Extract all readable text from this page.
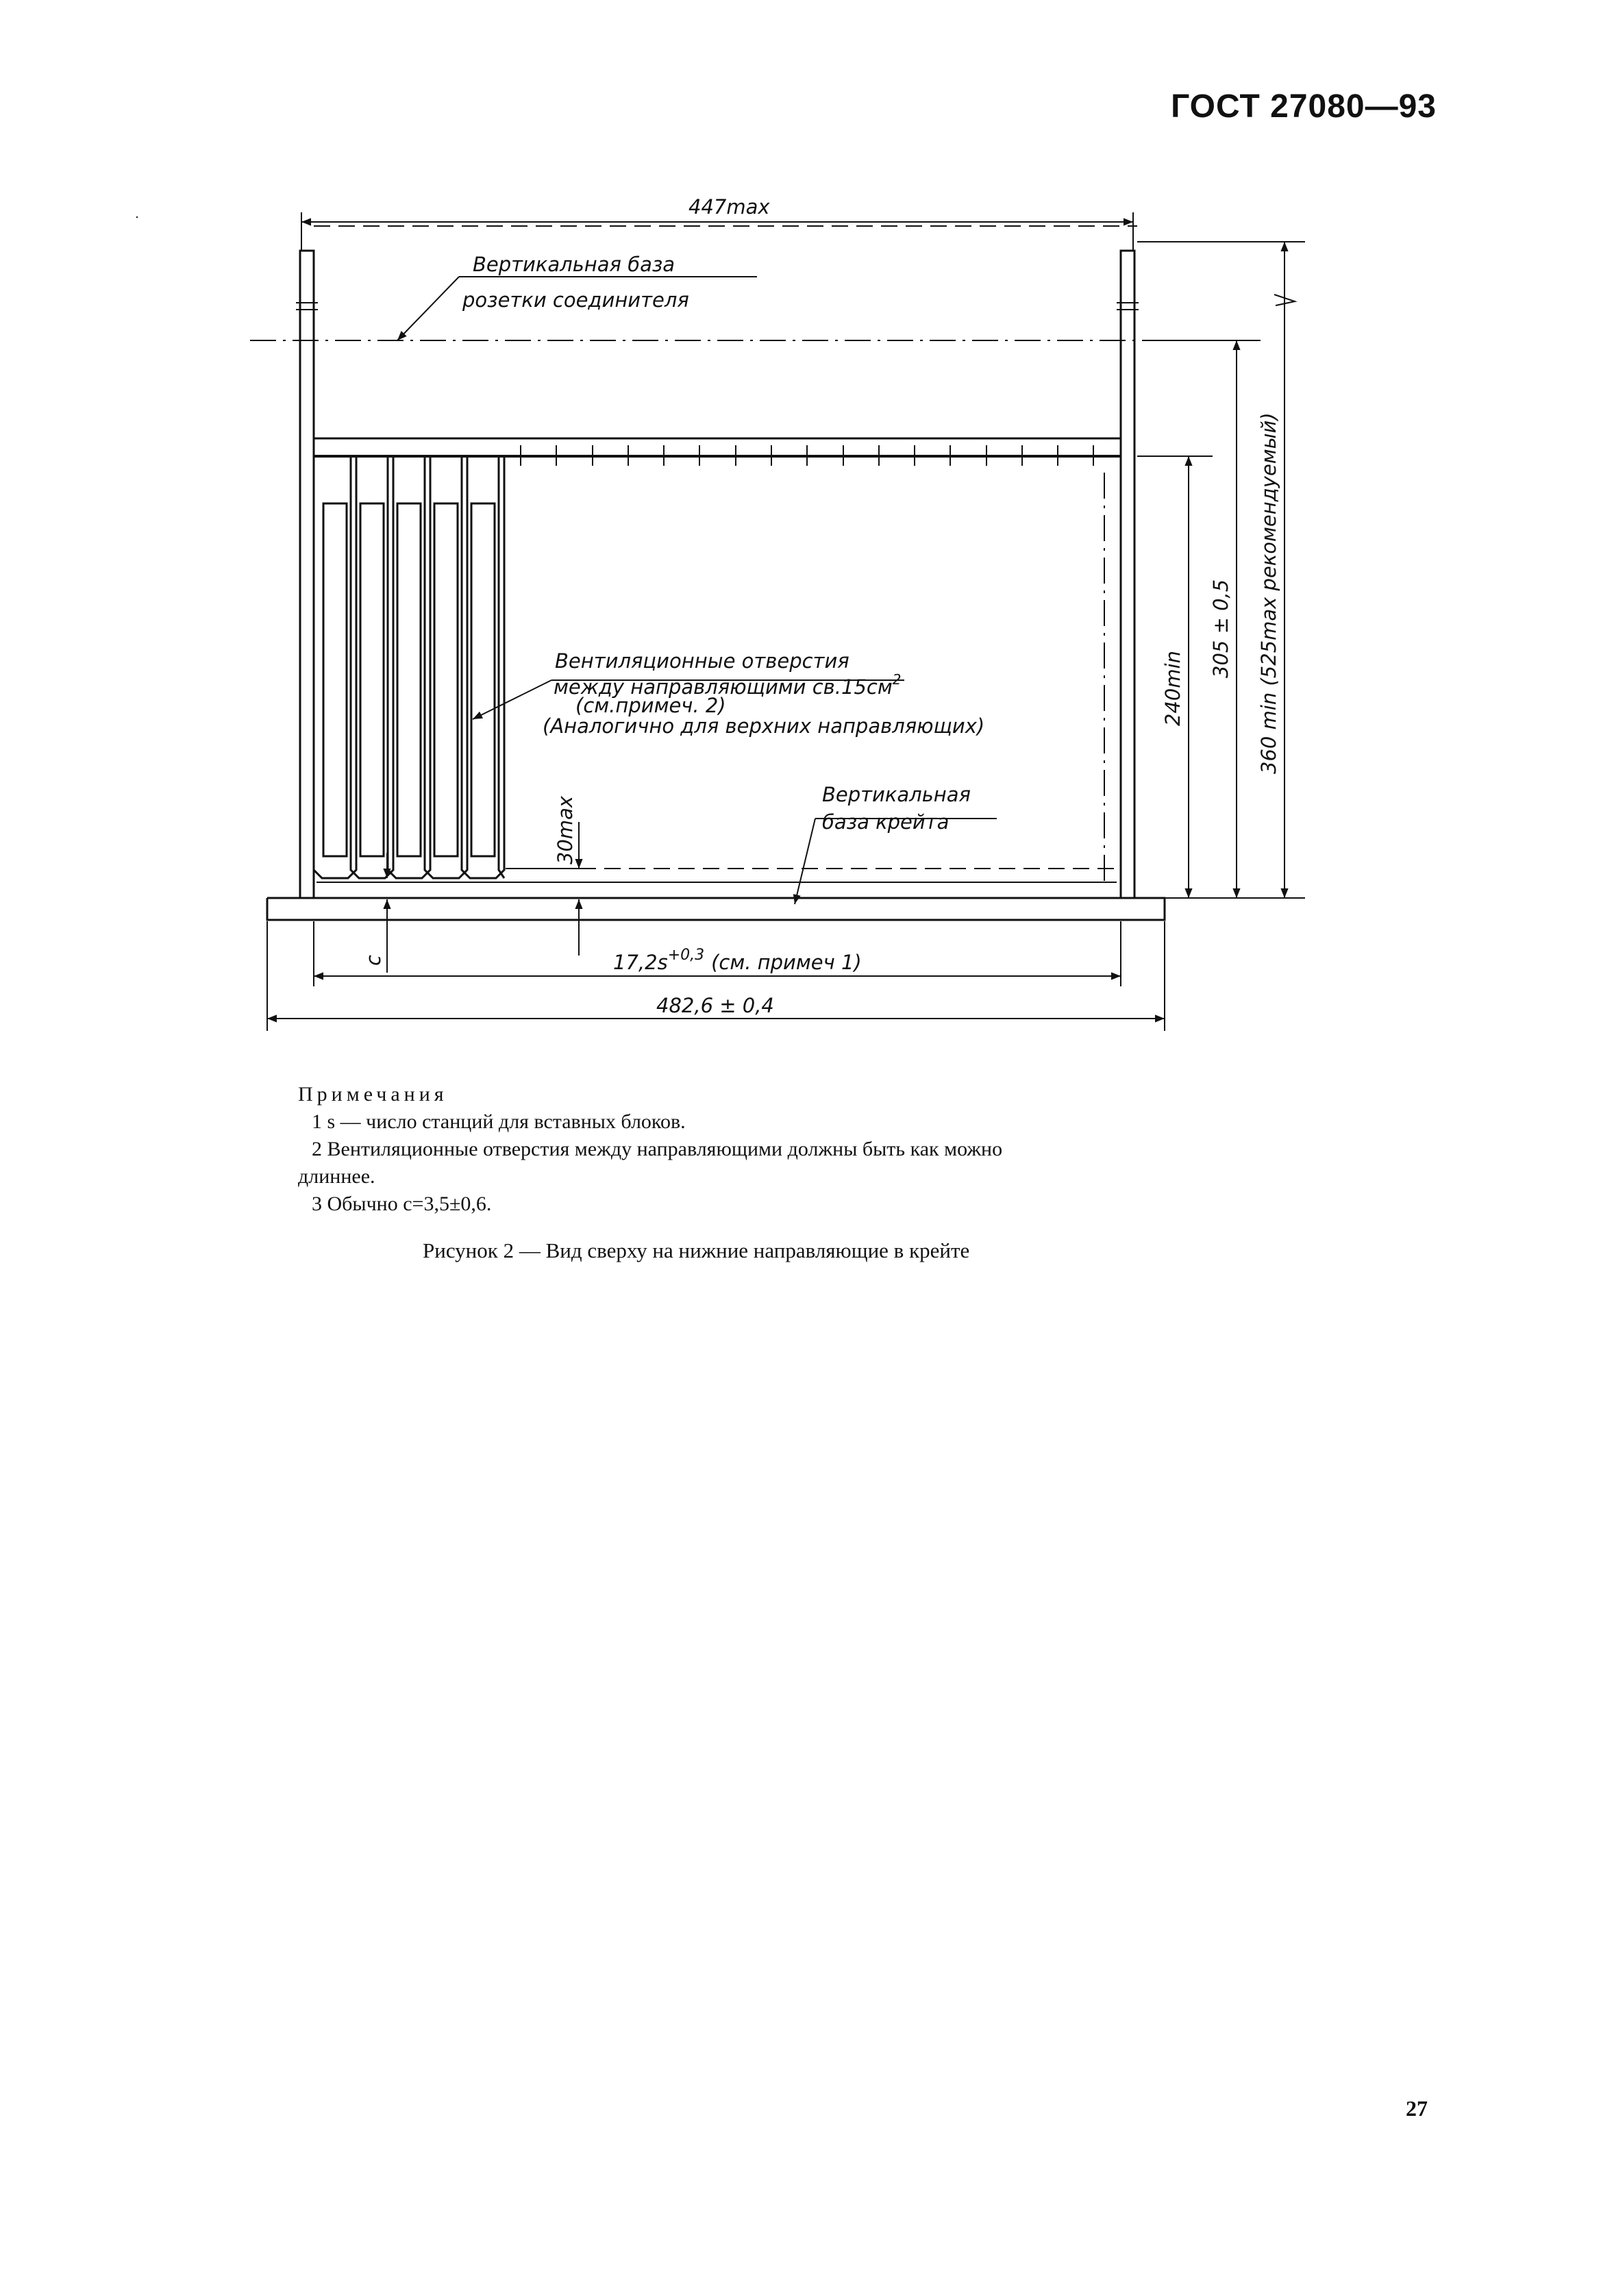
ГОСТ 27080—93
447max
Вертикальная база
розетки соединителя
Вентиляционные отверстия
между направляющими $св.15см^2$
(см.примеч. 2)
(Аналогично для верхних направляющих)
Вертикальная
база крейта
$17,2s^{+0,3}$ (см. примеч 1)
482,6 ± 0,4
240min
305 ± 0,5 360 min (525max рекомендуемый)
30max
c
Примечания
1 s — число станций для вставных блоков.
2 Вентиляционные отверстия между направляющими должны быть как можно
длиннее.
3 Обычно c=3,5±0,6.
Рисунок 2 — Вид сверху на нижние направляющие в крейте
27
